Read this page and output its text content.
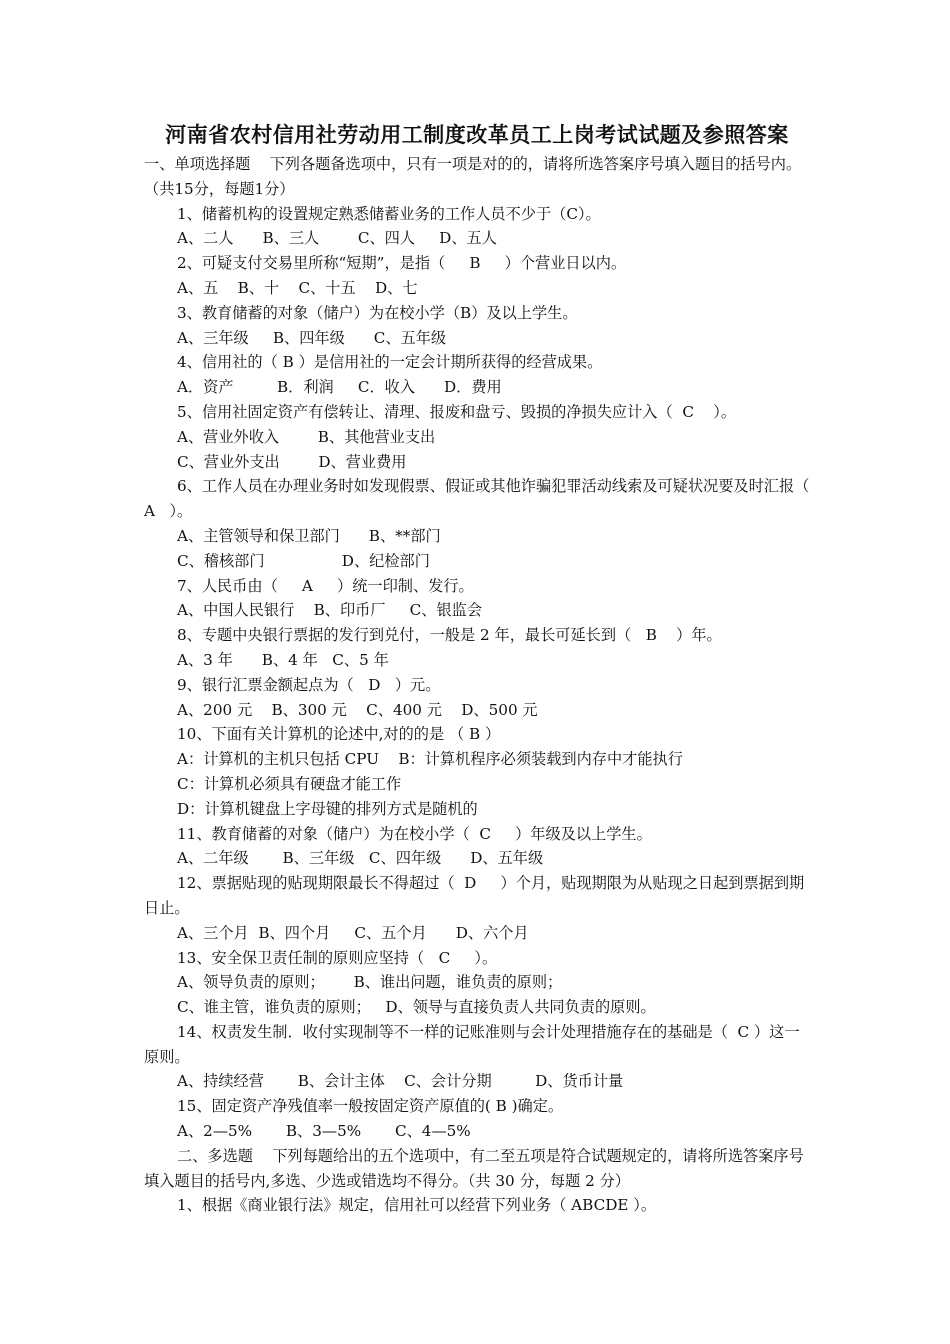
河南省农村信用社劳动用工制度改革员工上岗考试试题及参照答案
一、单项选择题    下列各题备选项中，只有一项是对的的，请将所选答案序号填入题目的括号内。（共15分，每题1分）
1、储蓄机构的设置规定熟悉储蓄业务的工作人员不少于（C）。
A、二人      B、三人        C、四人     D、五人
2、可疑支付交易里所称“短期”，是指（     B     ）个营业日以内。
A、五    B、十    C、十五    D、七
3、教育储蓄的对象（储户）为在校小学（B）及以上学生。
A、三年级     B、四年级      C、五年级
4、信用社的（ B ）是信用社的一定会计期所获得的经营成果。
A．资产         B．利润     C．收入      D．费用
5、信用社固定资产有偿转让、清理、报废和盘亏、毁损的净损失应计入（  C    ）。
A、营业外收入        B、其他营业支出
C、营业外支出        D、营业费用
6、工作人员在办理业务时如发现假票、假证或其他诈骗犯罪活动线索及可疑状况要及时汇报（   A   ）。
A、主管领导和保卫部门      B、**部门
C、稽核部门                D、纪检部门
7、人民币由（     A     ）统一印制、发行。
A、中国人民银行    B、印币厂     C、银监会
8、专题中央银行票据的发行到兑付，一般是 2 年，最长可延长到（   B    ）年。
A、3 年      B、4 年   C、5 年
9、银行汇票金额起点为（   D   ）元。
A、200 元    B、300 元    C、400 元    D、500 元
10、下面有关计算机的论述中,对的的是 （ B ）
A：计算机的主机只包括 CPU    B：计算机程序必须装载到内存中才能执行
C：计算机必须具有硬盘才能工作
D：计算机键盘上字母键的排列方式是随机的
11、教育储蓄的对象（储户）为在校小学（  C     ）年级及以上学生。
A、二年级       B、三年级   C、四年级      D、五年级
12、票据贴现的贴现期限最长不得超过（  D     ）个月，贴现期限为从贴现之日起到票据到期日止。
A、三个月  B、四个月     C、五个月      D、六个月
13、安全保卫责任制的原则应坚持（   C     ）。
A、领导负责的原则；      B、谁出问题，谁负责的原则；
C、谁主管，谁负责的原则；   D、领导与直接负责人共同负责的原则。
14、权责发生制．收付实现制等不一样的记账准则与会计处理措施存在的基础是（  C ）这一原则。
A、持续经营       B、会计主体    C、会计分期         D、货币计量
15、固定资产净残值率一般按固定资产原值的( B )确定。
A、2—5%       B、3—5%       C、4—5%
二、多选题    下列每题给出的五个选项中，有二至五项是符合试题规定的，请将所选答案序号填入题目的括号内,多选、少选或错选均不得分。（共 30 分，每题 2 分）
1、根据《商业银行法》规定，信用社可以经营下列业务（ ABCDE ）。
